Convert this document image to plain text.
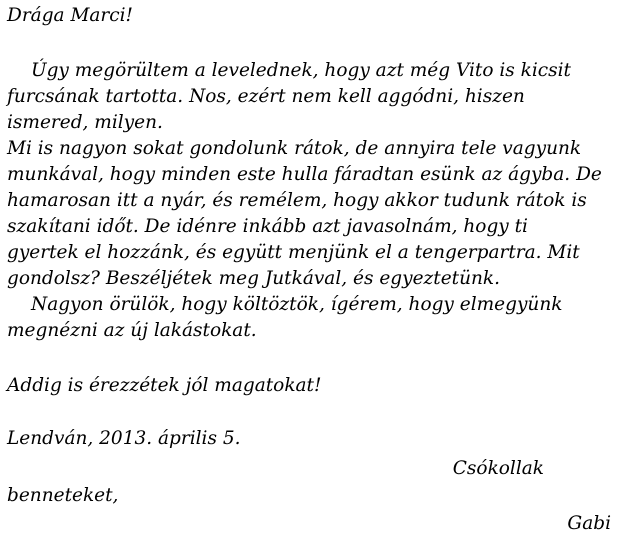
Drága Marci!
Úgy megörültem a levelednek, hogy azt még Vito is kicsit
furcsának tartotta. Nos, ezért nem kell aggódni, hiszen
ismered, milyen.
Mi is nagyon sokat gondolunk rátok, de annyira tele vagyunk
munkával, hogy minden este hulla fáradtan esünk az ágyba. De
hamarosan itt a nyár, és remélem, hogy akkor tudunk rátok is
szakítani időt. De idénre inkább azt javasolnám, hogy ti
gyertek el hozzánk, és együtt menjünk el a tengerpartra. Mit
gondolsz? Beszéljétek meg Jutkával, és egyeztetünk.
Nagyon örülök, hogy költöztök, ígérem, hogy elmegyünk
megnézni az új lakástokat.
Addig is érezzétek jól magatokat!
Lendván, 2013. április 5.
Csókollak
benneteket,
Gabi
